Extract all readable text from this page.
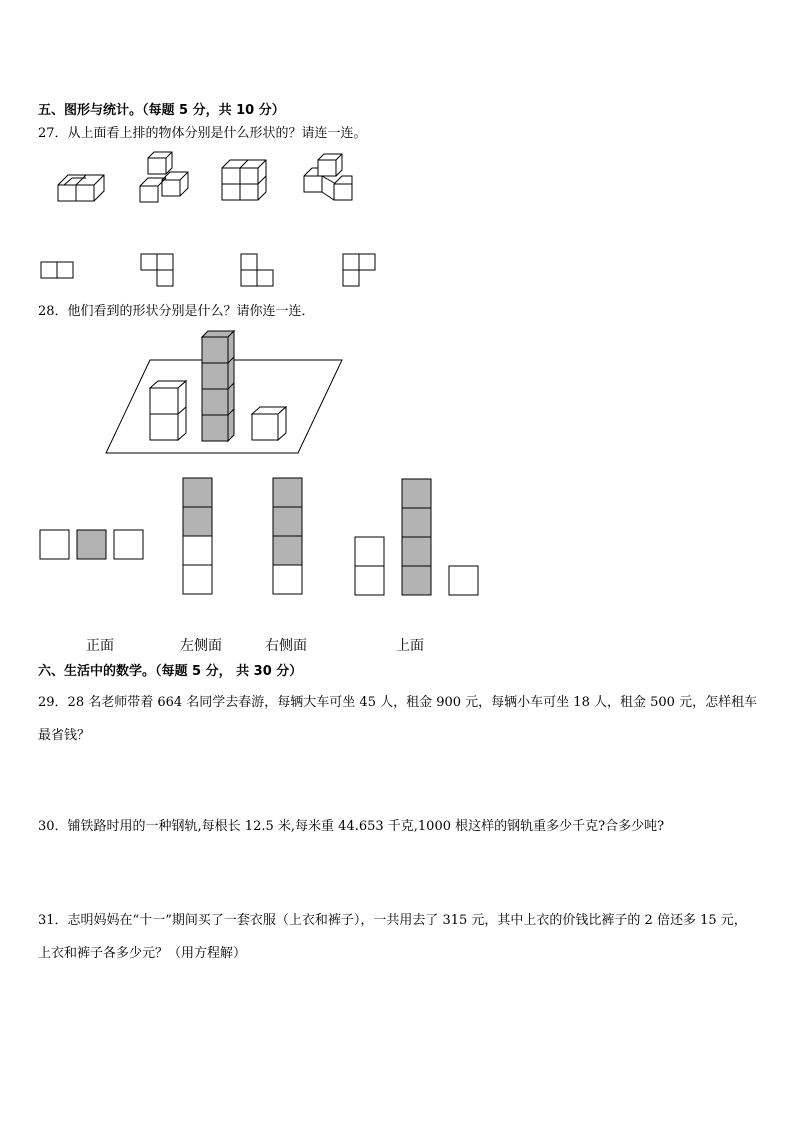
五、图形与统计。（每题 5 分，共 10 分）
27．从上面看上排的物体分别是什么形状的？请连一连。
28．他们看到的形状分别是什么？请你连一连．
正面	左侧面	右侧面	上面
六、生活中的数学。（每题 5 分， 共 30 分）
29．28 名老师带着 664 名同学去春游，每辆大车可坐 45 人，租金 900 元，每辆小车可坐 18 人，租金 500 元，怎样租车最省钱？
30．铺铁路时用的一种钢轨,每根长 12.5 米,每米重 44.653 千克,1000 根这样的钢轨重多少千克?合多少吨?
31．志明妈妈在“十一”期间买了一套衣服（上衣和裤子），一共用去了 315 元，其中上衣的价钱比裤子的 2 倍还多 15 元，上衣和裤子各多少元？（用方程解）
